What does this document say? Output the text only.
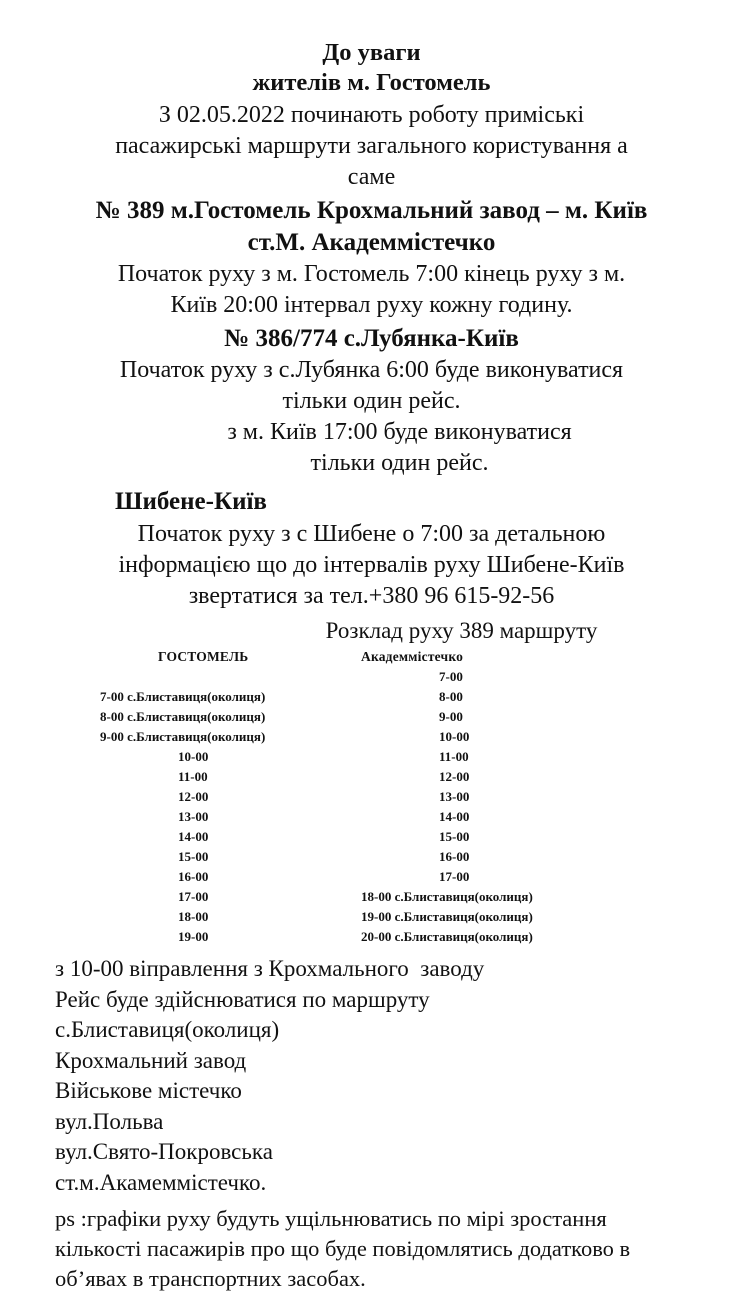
До уваги
жителів м. Гостомель
З 02.05.2022 починають роботу приміські
пасажирські маршрути загального користування а
саме
№ 389 м.Гостомель Крохмальний завод – м. Київ
ст.М. Академмістечко
Початок руху з м. Гостомель 7:00 кінець руху з м.
Київ 20:00 інтервал руху кожну годину.
№ 386/774 с.Лубянка-Київ
Початок руху з с.Лубянка 6:00 буде виконуватися
тільки один рейс.
з м. Київ 17:00 буде виконуватися
тільки один рейс.
Шибене-Київ
Початок руху з с Шибене о 7:00 за детальною
інформацією що до інтервалів руху Шибене-Київ
звертатися за тел.+380 96 615-92-56
Розклад руху 389 маршруту
ГОСТОМЕЛЬ	Академмістечко
	7-00
7-00 с.Блиставиця(околиця)	8-00
8-00 с.Блиставиця(околиця)	9-00
9-00 с.Блиставиця(околиця)	10-00
10-00	11-00
11-00	12-00
12-00	13-00
13-00	14-00
14-00	15-00
15-00	16-00
16-00	17-00
17-00	18-00 с.Блиставиця(околиця)
18-00	19-00 с.Блиставиця(околиця)
19-00	20-00 с.Блиставиця(околиця)
з 10-00 віправлення з Крохмального  заводу
Рейс буде здійснюватися по маршруту
с.Блиставиця(околиця)
Крохмальний завод
Військове містечко
вул.Польва
вул.Свято-Покровська
ст.м.Акамеммістечко.
ps :графіки руху будуть ущільнюватись по мірі зростання
кількості пасажирів про що буде повідомлятись додатково в
об’явах в транспортних засобах.
